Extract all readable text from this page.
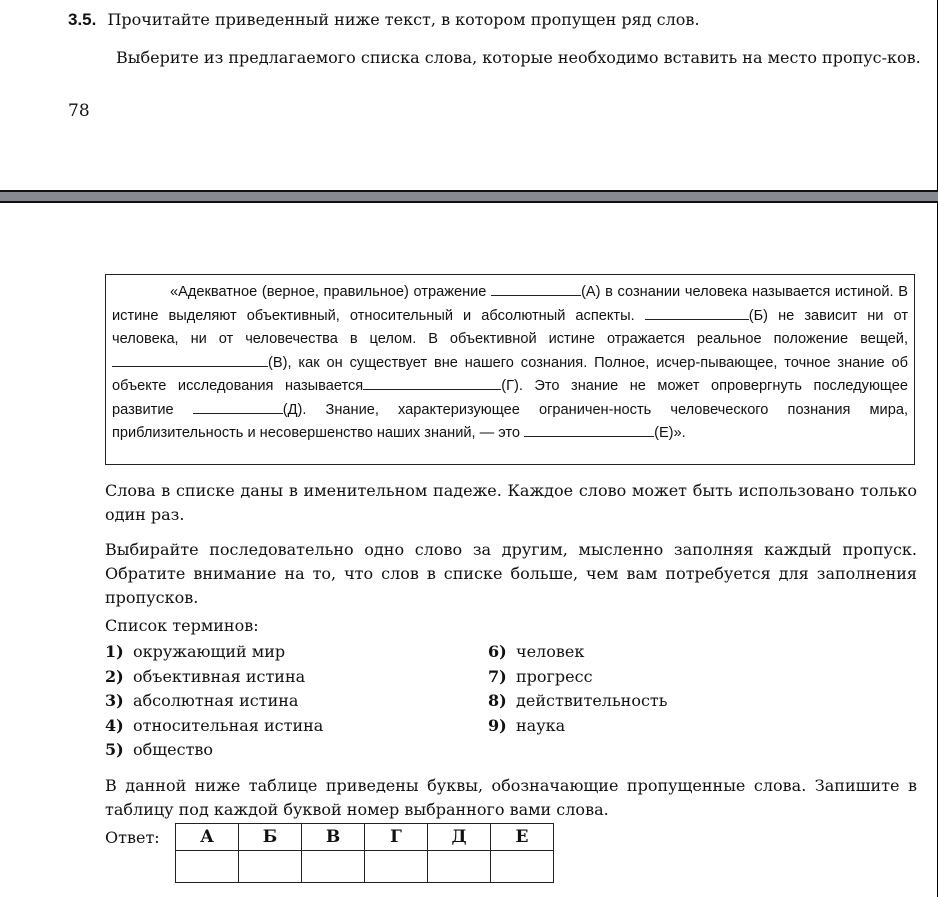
3.5. Прочитайте приведенный ниже текст, в котором пропущен ряд слов.
Выберите из предлагаемого списка слова, которые необходимо вставить на место пропус-ков.
78

«Адекватное (верное, правильное) отражение	(А) в сознании человека называется истиной. В истине выделяют объективный, относительный и абсолютный аспекты.	(Б) не зависит ни от человека, ни от человечества в целом. В объективной истине отражается реальное положение вещей, (В), как он существует вне нашего сознания. Полное, исчер-пывающее, точное знание об объекте исследования называется	(Г). Это знание не может опровергнуть последующее развитие	(Д). Знание, характеризующее ограничен-ность человеческого познания мира, приблизительность и несовершенство наших знаний, — это	(Е)».

Слова в списке даны в именительном падеже. Каждое слово может быть использовано только один раз.

Выбирайте последовательно одно слово за другим, мысленно заполняя каждый пропуск. Обратите внимание на то, что слов в списке больше, чем вам потребуется для заполнения пропусков.

Список терминов:
1) окружающий мир
2) объективная истина
3) абсолютная истина
4) относительная истина
5) общество
6) человек
7) прогресс
8) действительность
9) наука

В данной ниже таблице приведены буквы, обозначающие пропущенные слова. Запишите в таблицу под каждой буквой номер выбранного вами слова.

Ответ: А	Б	В	Г	Д	Е
